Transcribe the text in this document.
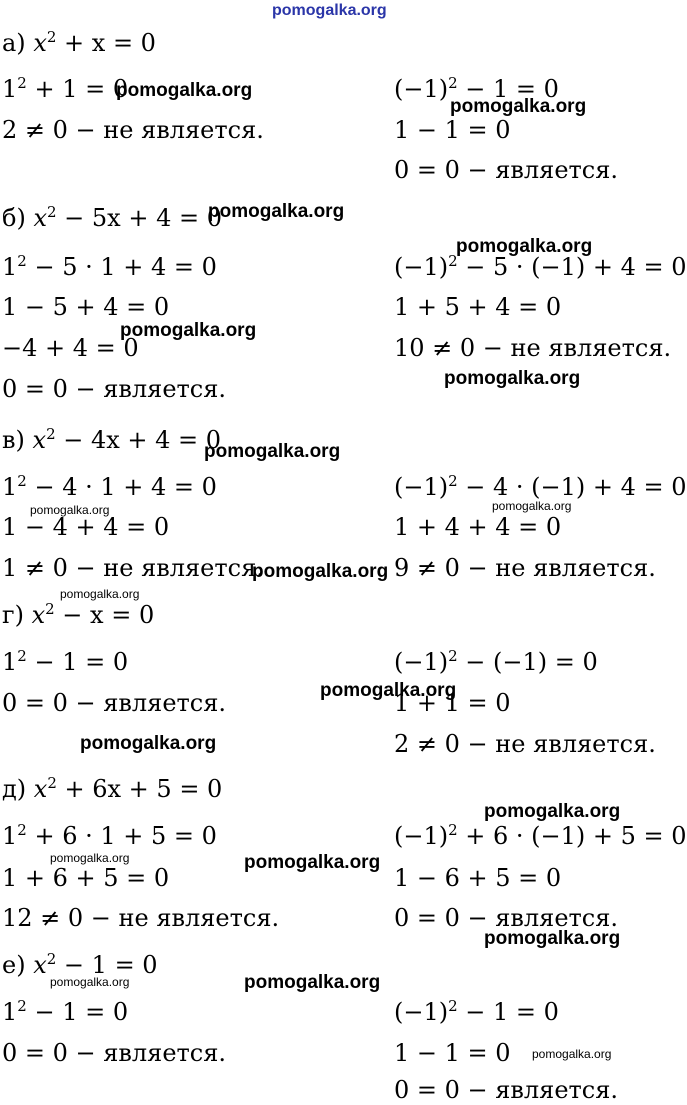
а) $x^2 + x = 0$
$1^2 + 1 = 0$
2 ≠ 0 − не является.
$(-1)^2 - 1 = 0$
1 − 1 = 0
0 = 0 − является.
б) $x^2 - 5x + 4 = 0$
$1^2 - 5 \cdot 1 + 4 = 0$
1 − 5 + 4 = 0
−4 + 4 = 0
0 = 0 − является.
$(-1)^2 - 5 \cdot (-1) + 4 = 0$
1 + 5 + 4 = 0
10 ≠ 0 − не является.
в) $x^2 - 4x + 4 = 0$
$1^2 - 4 \cdot 1 + 4 = 0$
1 − 4 + 4 = 0
1 ≠ 0 − не является.
$(-1)^2 - 4 \cdot (-1) + 4 = 0$
1 + 4 + 4 = 0
9 ≠ 0 − не является.
г) $x^2 - x = 0$
$1^2 - 1 = 0$
0 = 0 − является.
$(-1)^2 - (-1) = 0$
1 + 1 = 0
2 ≠ 0 − не является.
д) $x^2 + 6x + 5 = 0$
$1^2 + 6 \cdot 1 + 5 = 0$
1 + 6 + 5 = 0
12 ≠ 0 − не является.
$(-1)^2 + 6 \cdot (-1) + 5 = 0$
1 − 6 + 5 = 0
0 = 0 − является.
е) $x^2 - 1 = 0$
$1^2 - 1 = 0$
0 = 0 − является.
$(-1)^2 - 1 = 0$
1 − 1 = 0
0 = 0 − является.
pomogalka.org
pomogalka.org
pomogalka.org
pomogalka.org
pomogalka.org
pomogalka.org
pomogalka.org
pomogalka.org
pomogalka.org	pomogalka.org
pomogalka.org
pomogalka.org
pomogalka.org
pomogalka.org
pomogalka.org
pomogalka.org	pomogalka.org
pomogalka.org
pomogalka.org	pomogalka.org
pomogalka.org
